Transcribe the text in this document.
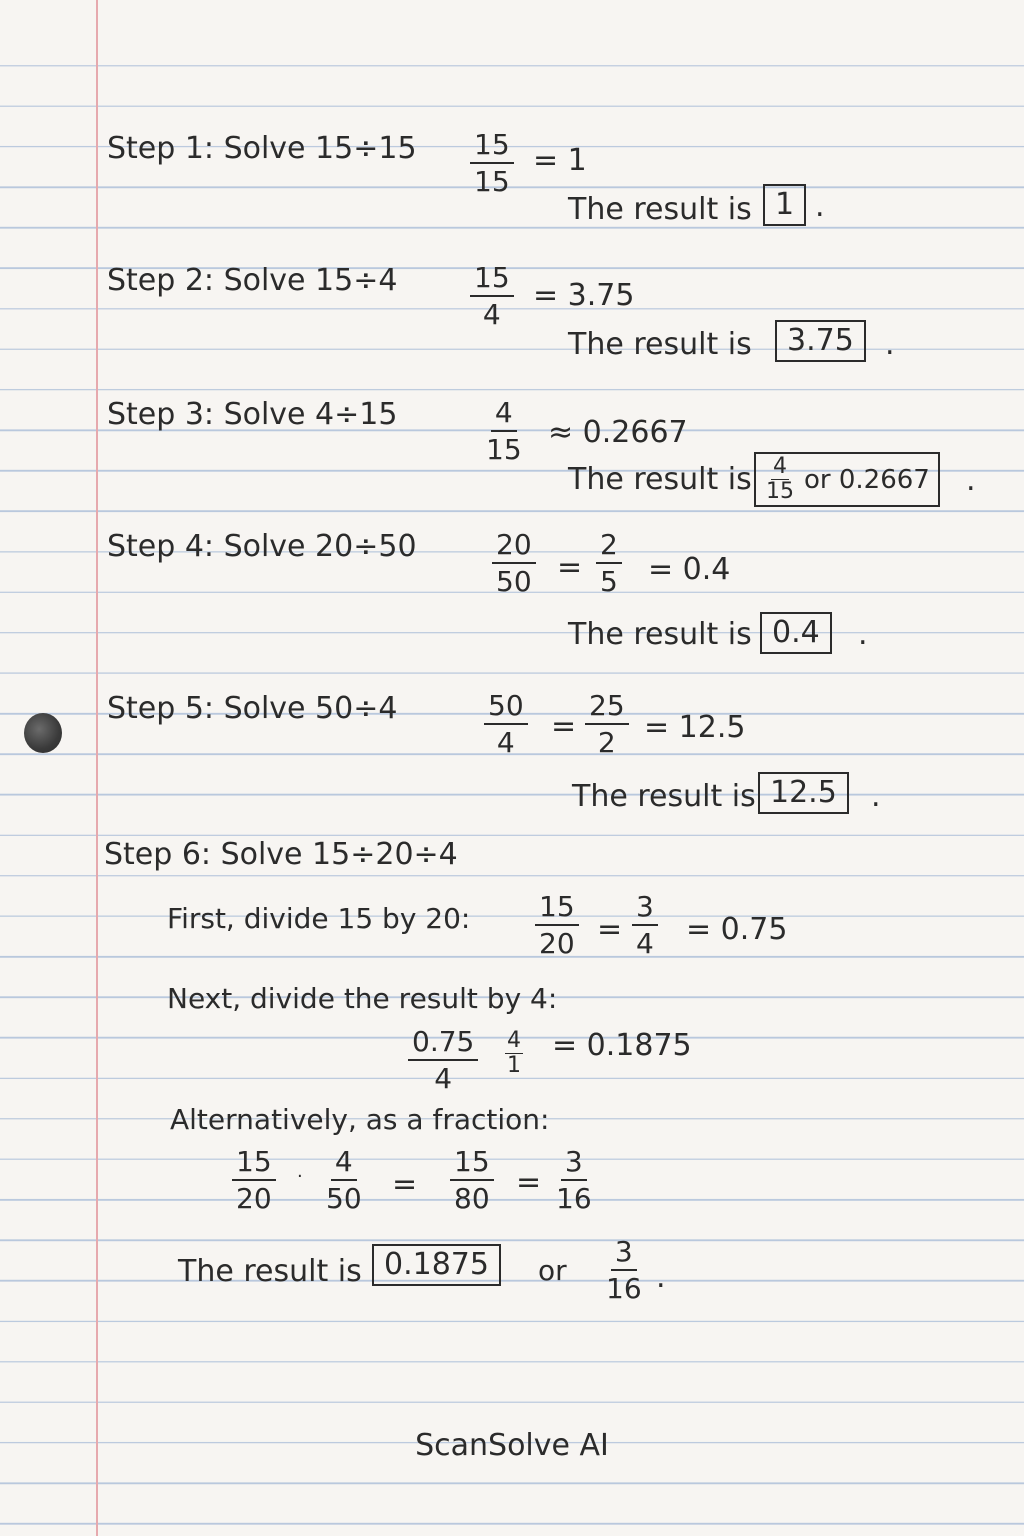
Step 1: Solve $15\div 15 \frac{15}{15} = 1$
The result is 1 .
Step 2: Solve 15÷4	$\frac{15}{4} = 3.75$
The result is	3.75	.
Step 3: Solve 4÷15	$\frac{4}{15} \approx 0.2667$
The result is $\frac{4}{15}$ or 0.2667 .
Step 4: Solve 20÷50	$\frac{20}{50} = \frac{2}{5} = 0.4$
The result is 0.4	.
Step 5: Solve 50÷4	$\frac{50}{4} = \frac{25}{2} = 12.5$
The result is 12.5	.
Step 6: Solve 15÷20÷4
First, divide 15 by 20: $\frac{15}{20} = \frac{3}{4} = 0.75$
Next, divide the result by 4:
$\frac{0.75}{4} \frac{4}{1} = 0.1875$
Alternatively, as a fraction:
$\frac{15}{20} \cdot \frac{4}{50} = \frac{15}{80} = \frac{3}{16}$
The result is 0.1875	or $\frac{3}{16}$ .
ScanSolve AI
